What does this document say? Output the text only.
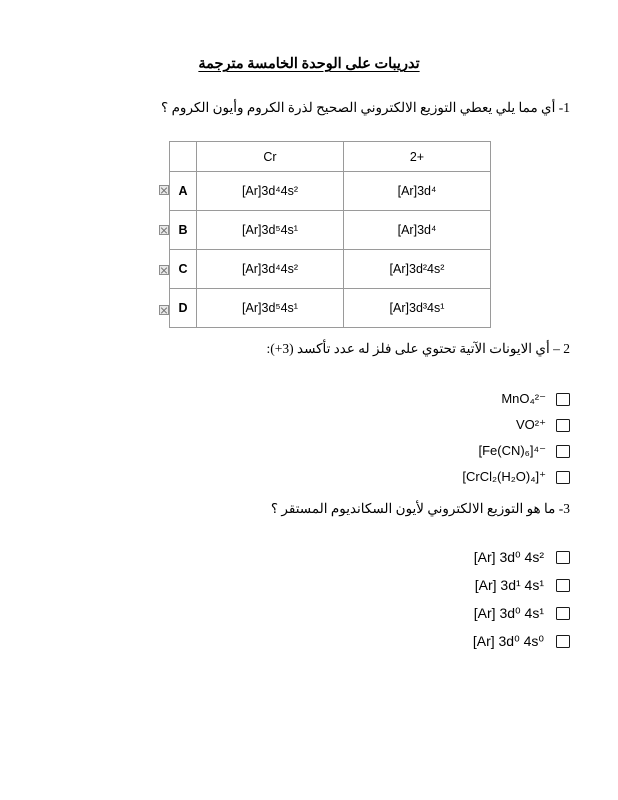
تدريبات على الوحدة الخامسة مترجمة
1- أي مما يلي يعطي التوزيع الالكتروني الصحيح لذرة الكروم وأيون الكروم ؟
	Cr	2+
A	[Ar]3d⁴4s²	[Ar]3d⁴
B	[Ar]3d⁵4s¹	[Ar]3d⁴
C	[Ar]3d⁴4s²	[Ar]3d²4s²
D	[Ar]3d⁵4s¹	[Ar]3d³4s¹
2 – أي الايونات الآتية تحتوي على فلز له عدد تأكسد (3+):
MnO₄²⁻
VO²⁺
[Fe(CN)₆]⁴⁻
[CrCl₂(H₂O)₄]⁺
3- ما هو التوزيع الالكتروني لأيون السكانديوم المستقر ؟
[Ar] 3d⁰ 4s²
[Ar] 3d¹ 4s¹
[Ar] 3d⁰ 4s¹
[Ar] 3d⁰ 4s⁰
